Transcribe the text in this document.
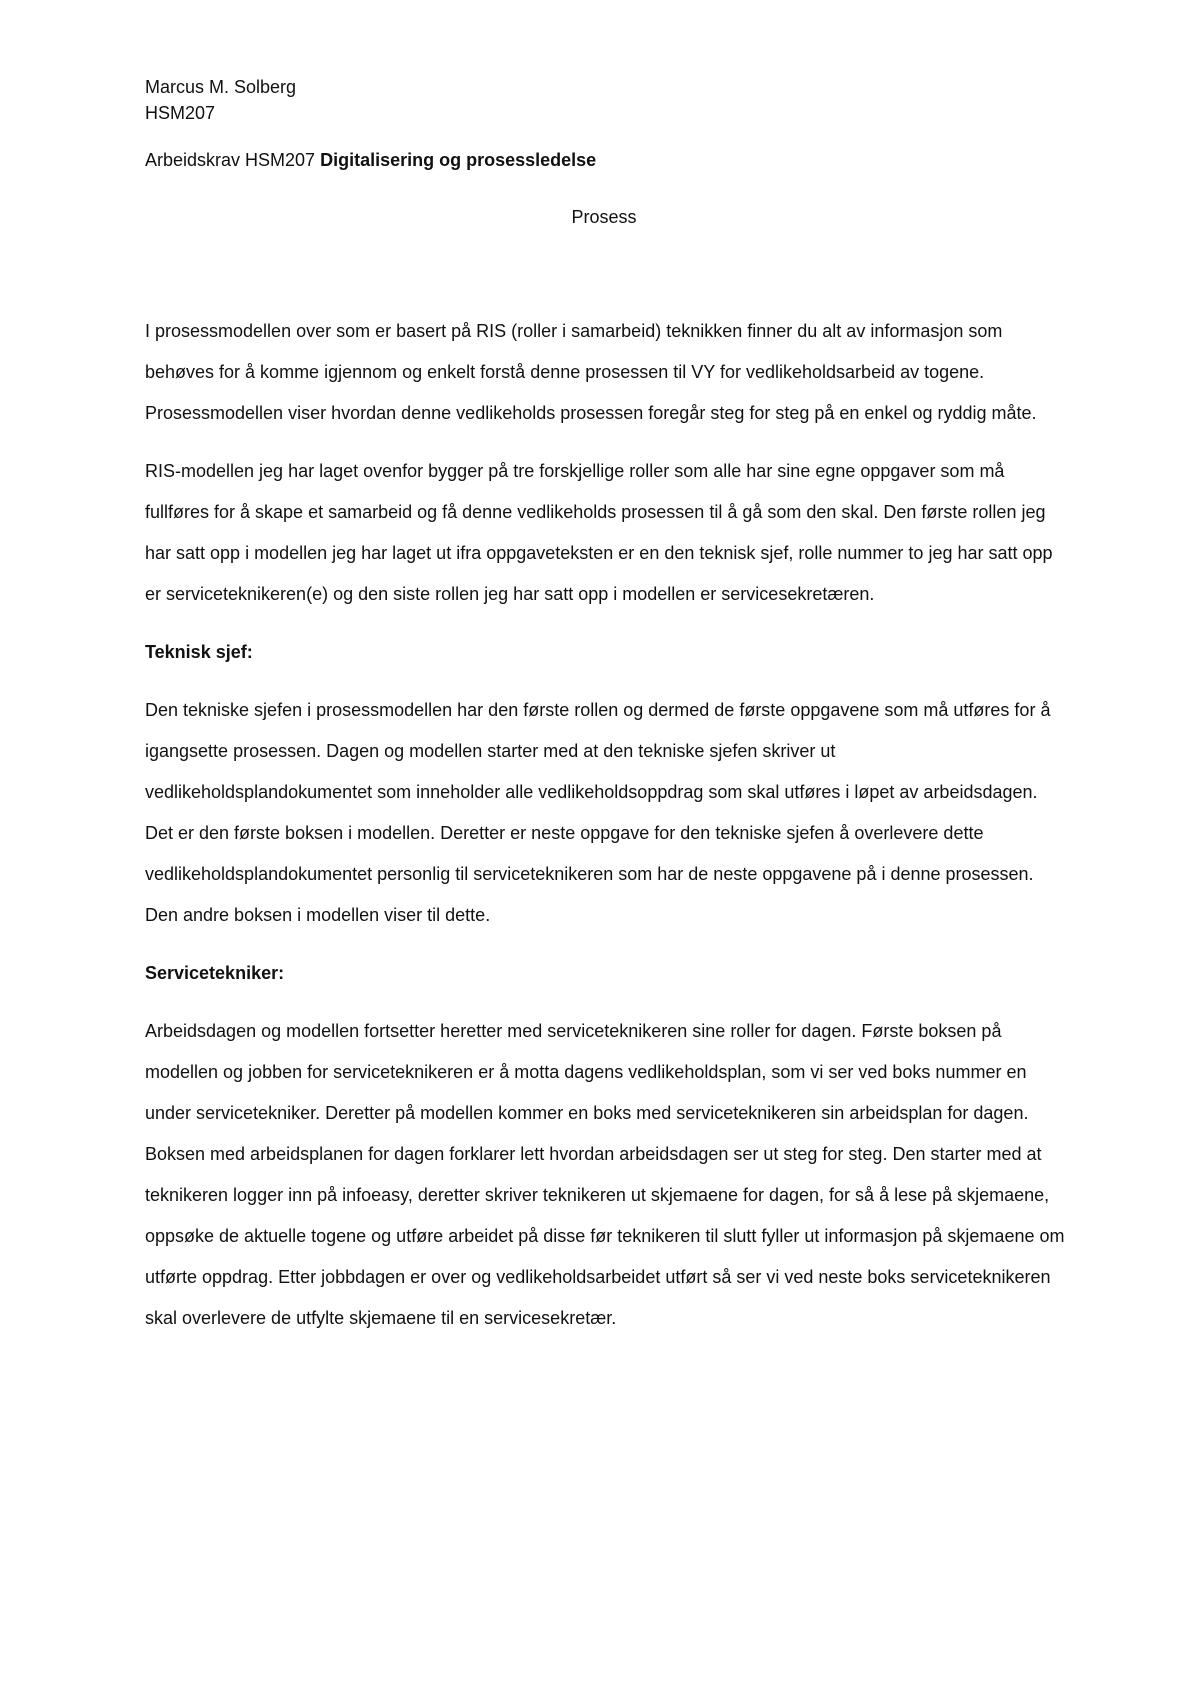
Marcus M. Solberg
HSM207
Arbeidskrav HSM207 Digitalisering og prosessledelse
Prosess

I prosessmodellen over som er basert på RIS (roller i samarbeid) teknikken finner du alt av informasjon som behøves for å komme igjennom og enkelt forstå denne prosessen til VY for vedlikeholdsarbeid av togene. Prosessmodellen viser hvordan denne vedlikeholds prosessen foregår steg for steg på en enkel og ryddig måte.

RIS-modellen jeg har laget ovenfor bygger på tre forskjellige roller som alle har sine egne oppgaver som må fullføres for å skape et samarbeid og få denne vedlikeholds prosessen til å gå som den skal. Den første rollen jeg har satt opp i modellen jeg har laget ut ifra oppgaveteksten er en den teknisk sjef, rolle nummer to jeg har satt opp er serviceteknikeren(e) og den siste rollen jeg har satt opp i modellen er servicesekretæren.

Teknisk sjef:

Den tekniske sjefen i prosessmodellen har den første rollen og dermed de første oppgavene som må utføres for å igangsette prosessen. Dagen og modellen starter med at den tekniske sjefen skriver ut vedlikeholdsplandokumentet som inneholder alle vedlikeholdsoppdrag som skal utføres i løpet av arbeidsdagen. Det er den første boksen i modellen. Deretter er neste oppgave for den tekniske sjefen å overlevere dette vedlikeholdsplandokumentet personlig til serviceteknikeren som har de neste oppgavene på i denne prosessen. Den andre boksen i modellen viser til dette.

Servicetekniker:

Arbeidsdagen og modellen fortsetter heretter med serviceteknikeren sine roller for dagen. Første boksen på modellen og jobben for serviceteknikeren er å motta dagens vedlikeholdsplan, som vi ser ved boks nummer en under servicetekniker. Deretter på modellen kommer en boks med serviceteknikeren sin arbeidsplan for dagen. Boksen med arbeidsplanen for dagen forklarer lett hvordan arbeidsdagen ser ut steg for steg. Den starter med at teknikeren logger inn på infoeasy, deretter skriver teknikeren ut skjemaene for dagen, for så å lese på skjemaene, oppsøke de aktuelle togene og utføre arbeidet på disse før teknikeren til slutt fyller ut informasjon på skjemaene om utførte oppdrag. Etter jobbdagen er over og vedlikeholdsarbeidet utført så ser vi ved neste boks serviceteknikeren skal overlevere de utfylte skjemaene til en servicesekretær.
